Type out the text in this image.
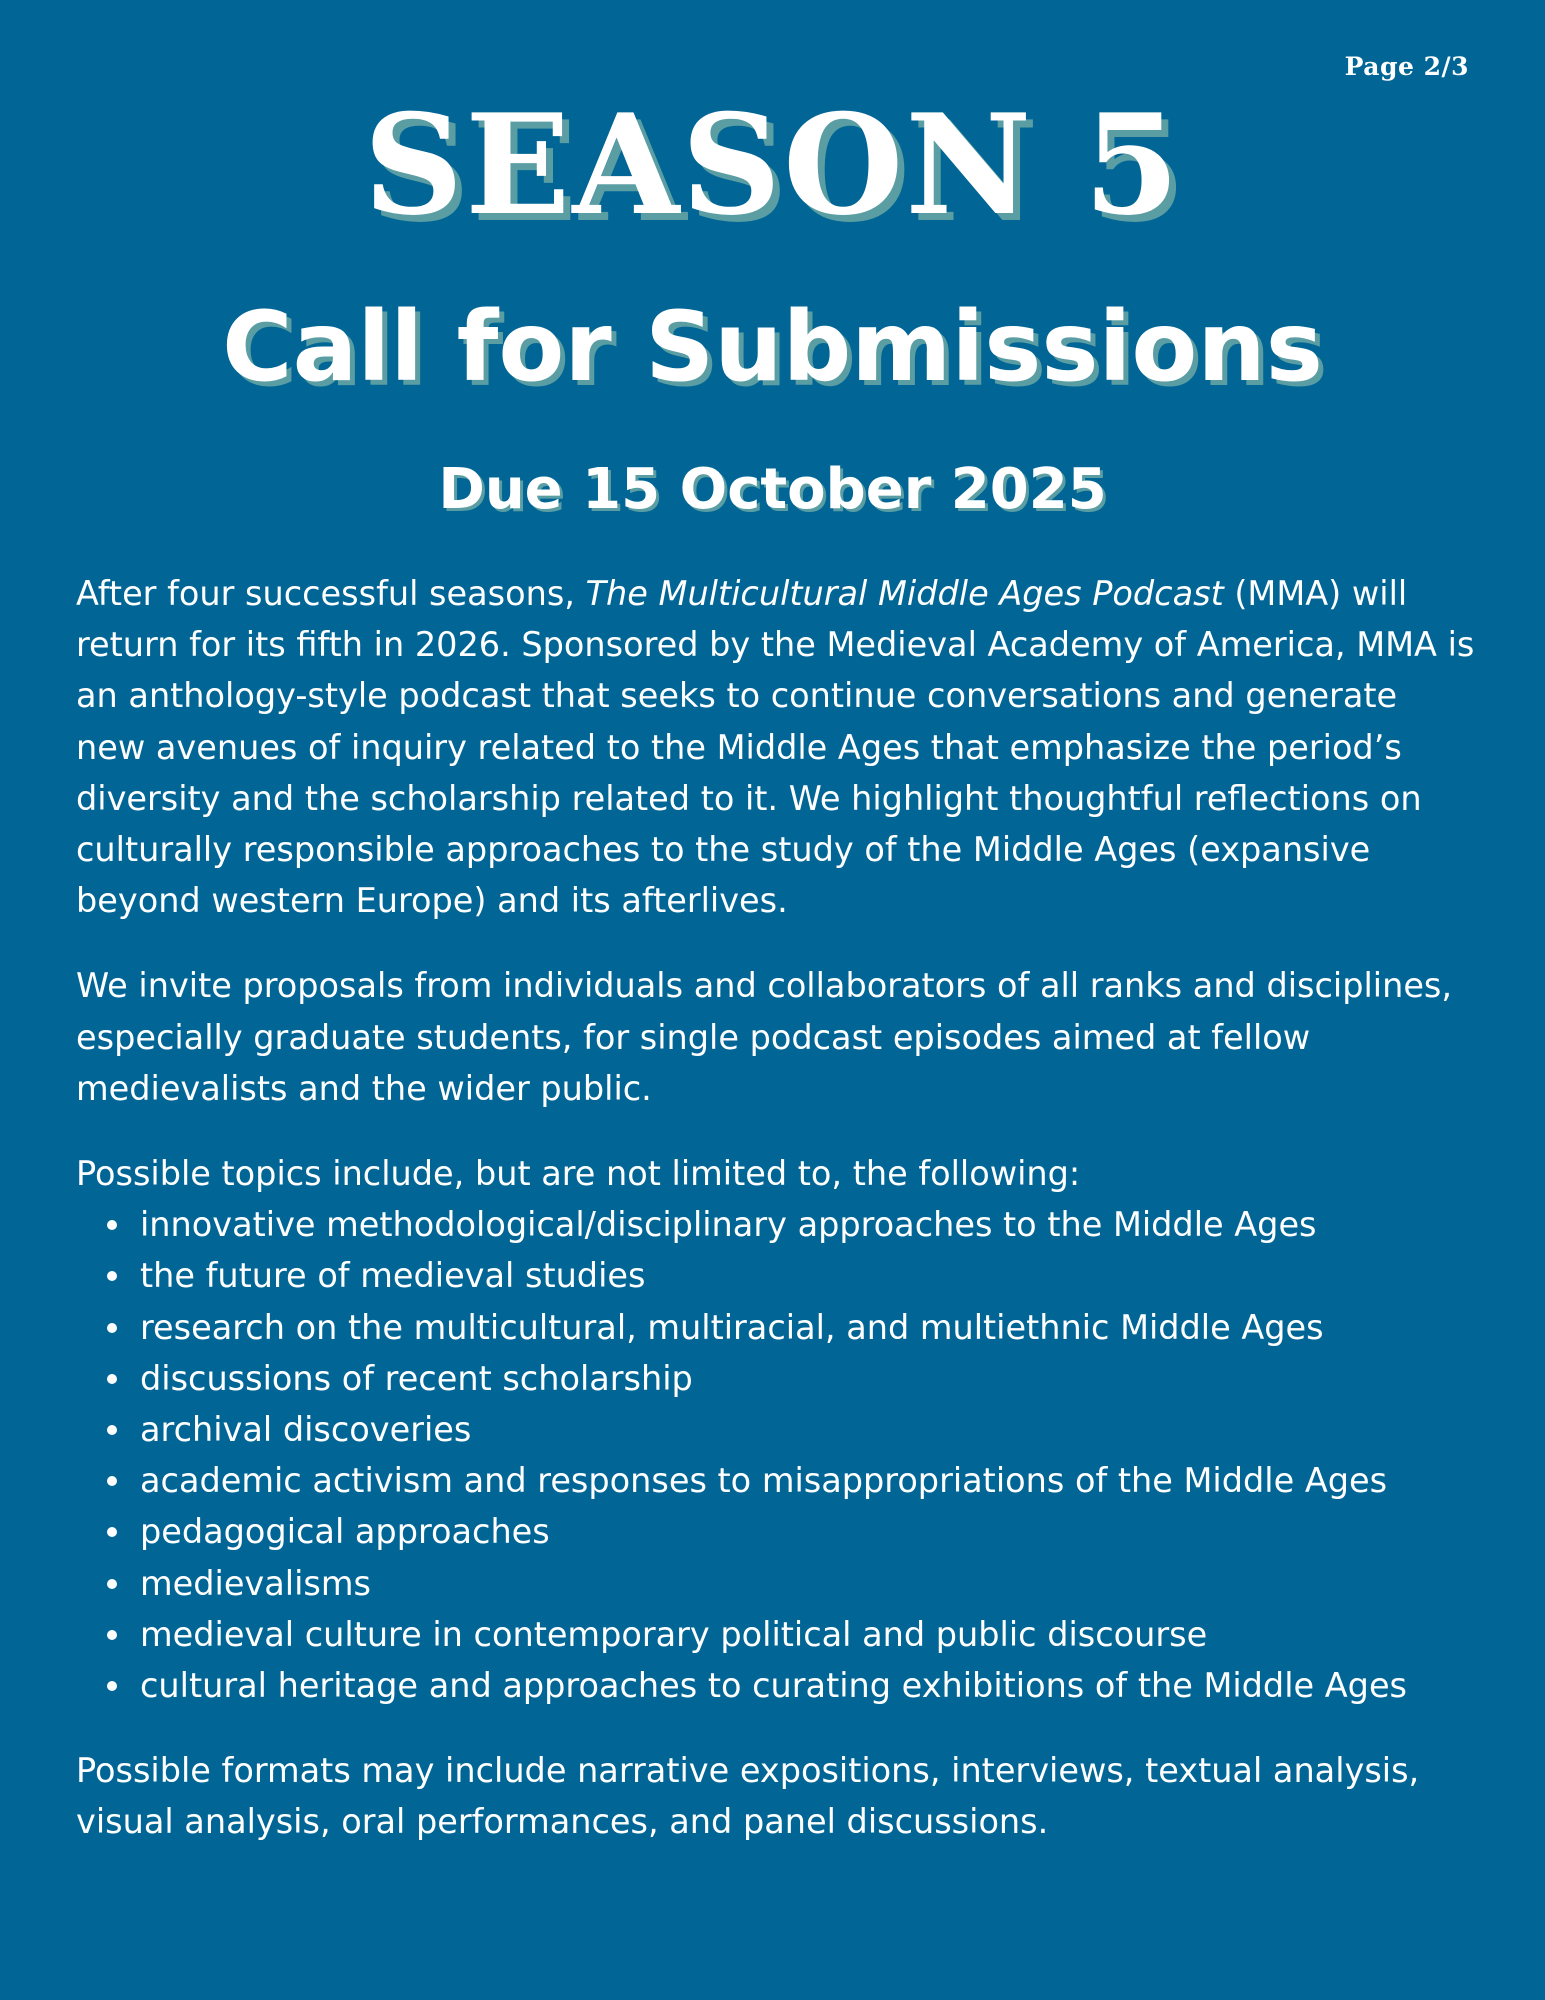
Page 2/3
SEASON 5
Call for Submissions
Due 15 October 2025

After four successful seasons, The Multicultural Middle Ages Podcast (MMA) will return for its fifth in 2026. Sponsored by the Medieval Academy of America, MMA is an anthology-style podcast that seeks to continue conversations and generate new avenues of inquiry related to the Middle Ages that emphasize the period’s diversity and the scholarship related to it. We highlight thoughtful reflections on culturally responsible approaches to the study of the Middle Ages (expansive beyond western Europe) and its afterlives.

We invite proposals from individuals and collaborators of all ranks and disciplines, especially graduate students, for single podcast episodes aimed at fellow medievalists and the wider public.

Possible topics include, but are not limited to, the following:

innovative methodological/disciplinary approaches to the Middle Ages
the future of medieval studies
research on the multicultural, multiracial, and multiethnic Middle Ages
discussions of recent scholarship
archival discoveries
academic activism and responses to misappropriations of the Middle Ages
pedagogical approaches
medievalisms
medieval culture in contemporary political and public discourse
cultural heritage and approaches to curating exhibitions of the Middle Ages

Possible formats may include narrative expositions, interviews, textual analysis, visual analysis, oral performances, and panel discussions.
